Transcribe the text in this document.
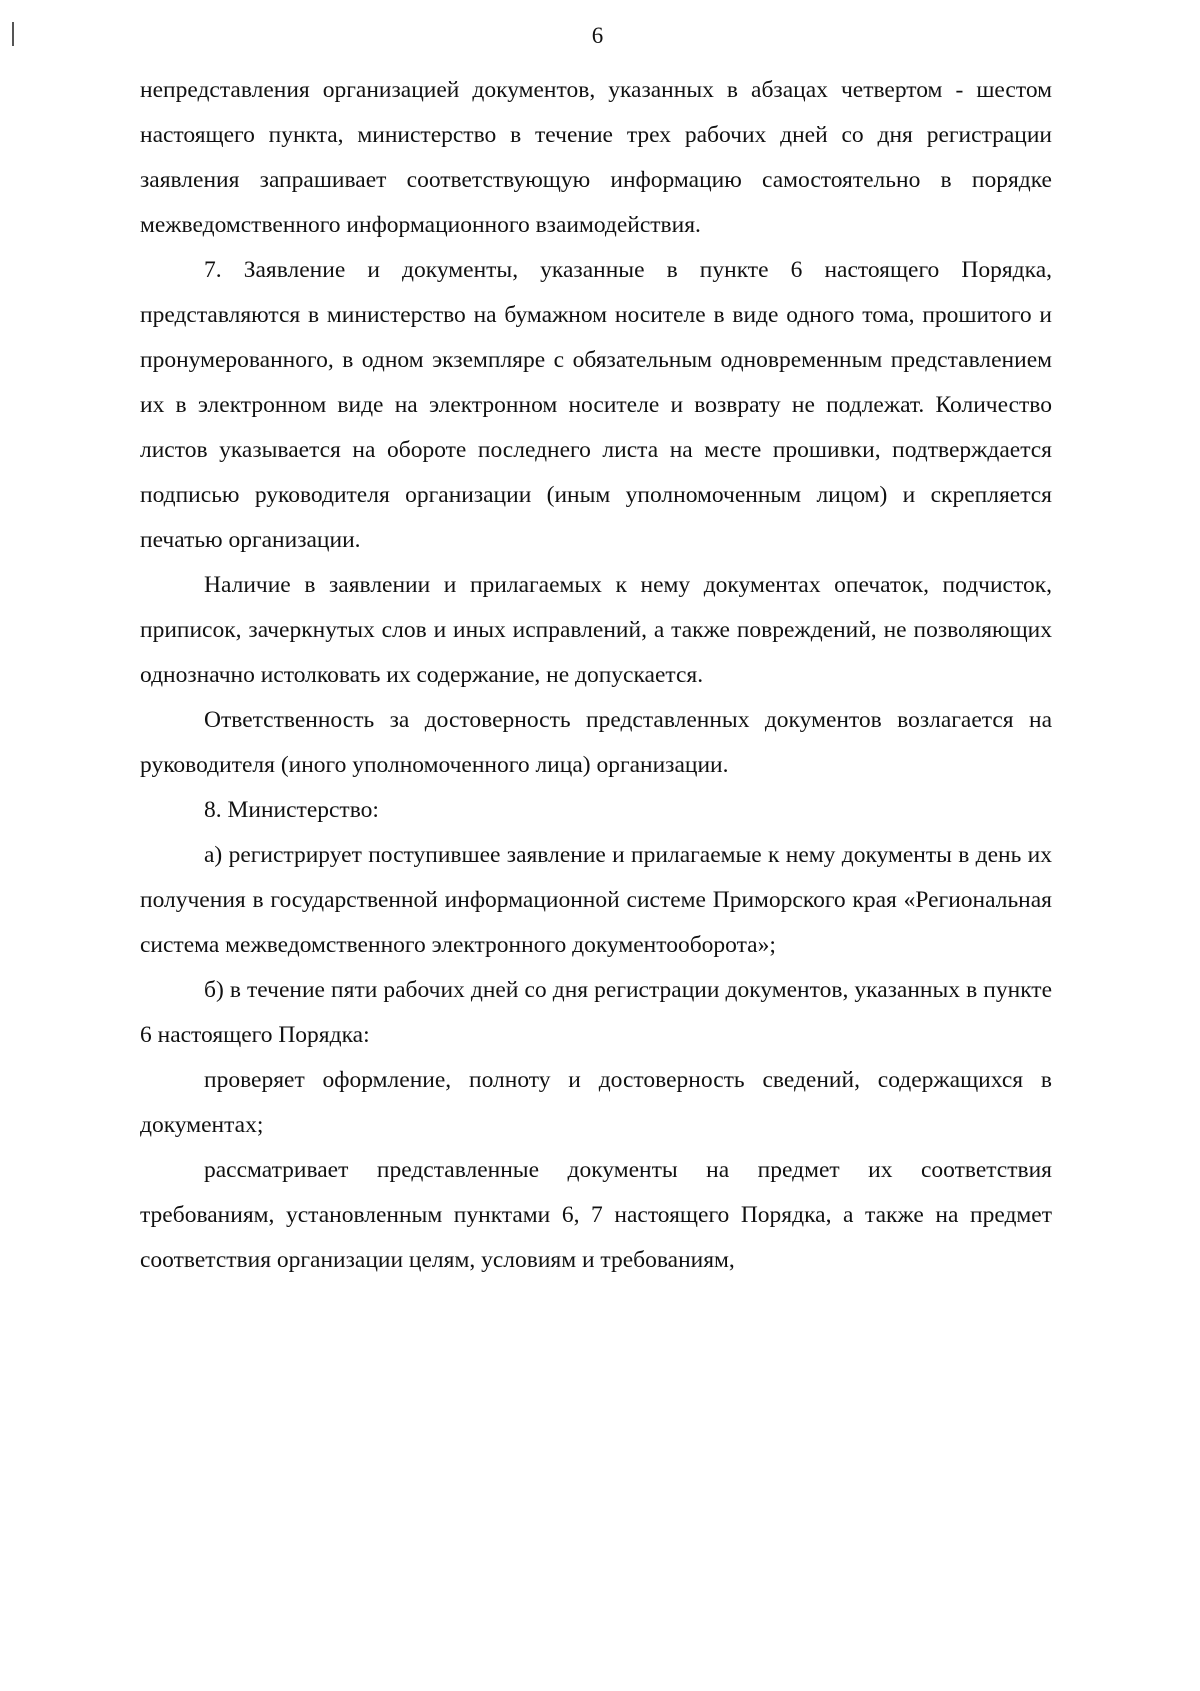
6

непредставления организацией документов, указанных в абзацах четвертом - шестом настоящего пункта, министерство в течение трех рабочих дней со дня регистрации заявления запрашивает соответствующую информацию самостоятельно в порядке межведомственного информационного взаимодействия.

7. Заявление и документы, указанные в пункте 6 настоящего Порядка, представляются в министерство на бумажном носителе в виде одного тома, прошитого и пронумерованного, в одном экземпляре с обязательным одновременным представлением их в электронном виде на электронном носителе и возврату не подлежат. Количество листов указывается на обороте последнего листа на месте прошивки, подтверждается подписью руководителя организации (иным уполномоченным лицом) и скрепляется печатью организации.

Наличие в заявлении и прилагаемых к нему документах опечаток, подчисток, приписок, зачеркнутых слов и иных исправлений, а также повреждений, не позволяющих однозначно истолковать их содержание, не допускается.

Ответственность за достоверность представленных документов возлагается на руководителя (иного уполномоченного лица) организации.

8. Министерство:

а) регистрирует поступившее заявление и прилагаемые к нему документы в день их получения в государственной информационной системе Приморского края «Региональная система межведомственного электронного документооборота»;

б) в течение пяти рабочих дней со дня регистрации документов, указанных в пункте 6 настоящего Порядка:

проверяет оформление, полноту и достоверность сведений, содержащихся в документах;

рассматривает представленные документы на предмет их соответствия требованиям, установленным пунктами 6, 7 настоящего Порядка, а также на предмет соответствия организации целям, условиям и требованиям,
